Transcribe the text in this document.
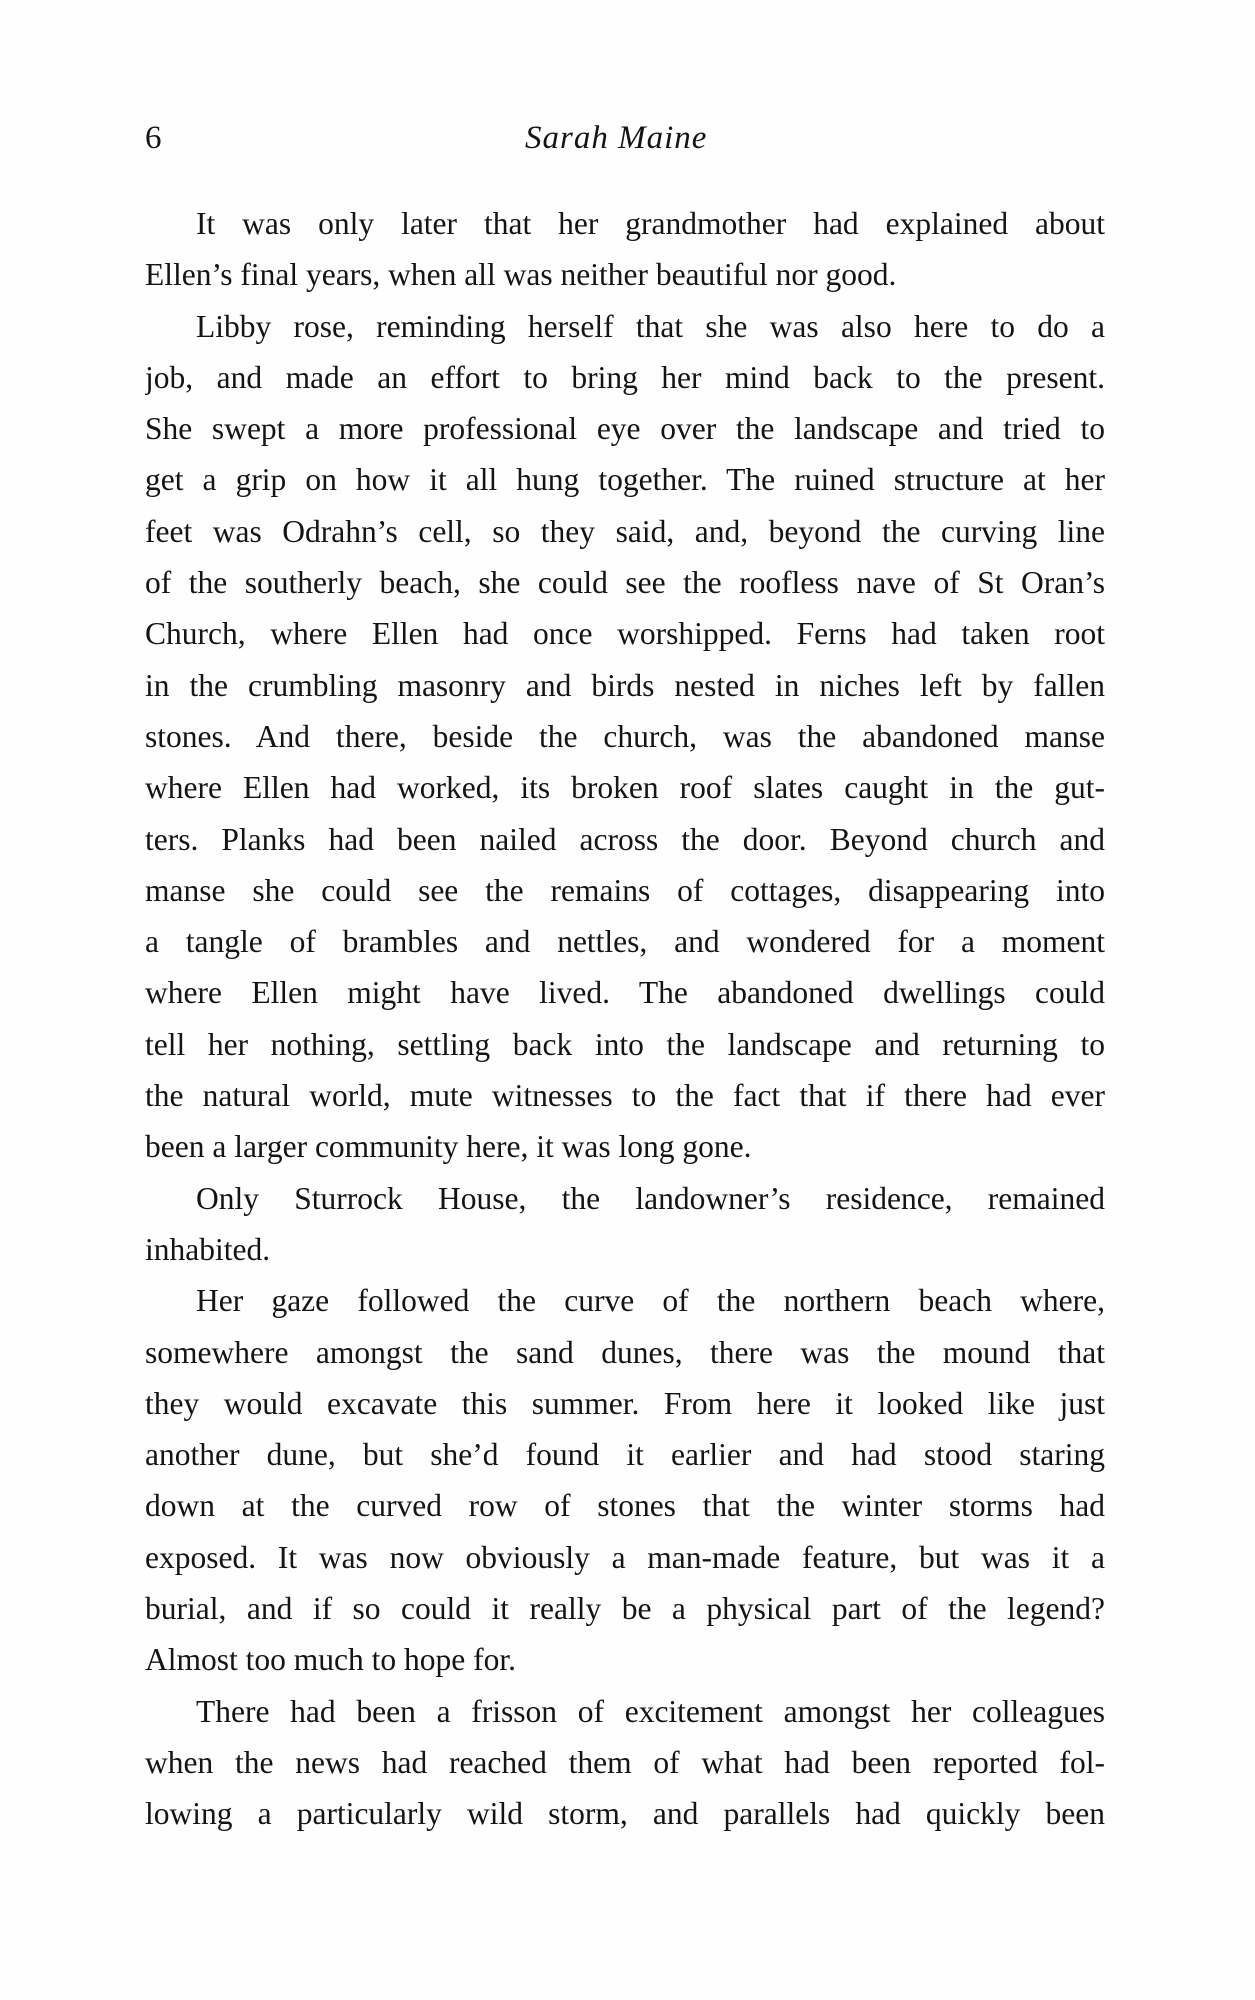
6	Sarah Maine
It was only later that her grandmother had explained about
Ellen’s final years, when all was neither beautiful nor good.
Libby rose, reminding herself that she was also here to do a
job, and made an effort to bring her mind back to the present.
She swept a more professional eye over the landscape and tried to
get a grip on how it all hung together. The ruined structure at her
feet was Odrahn’s cell, so they said, and, beyond the curving line
of the southerly beach, she could see the roofless nave of St Oran’s
Church, where Ellen had once worshipped. Ferns had taken root
in the crumbling masonry and birds nested in niches left by fallen
stones. And there, beside the church, was the abandoned manse
where Ellen had worked, its broken roof slates caught in the gut-
ters. Planks had been nailed across the door. Beyond church and
manse she could see the remains of cottages, disappearing into
a tangle of brambles and nettles, and wondered for a moment
where Ellen might have lived. The abandoned dwellings could
tell her nothing, settling back into the landscape and returning to
the natural world, mute witnesses to the fact that if there had ever
been a larger community here, it was long gone.
Only Sturrock House, the landowner’s residence, remained
inhabited.
Her gaze followed the curve of the northern beach where,
somewhere amongst the sand dunes, there was the mound that
they would excavate this summer. From here it looked like just
another dune, but she’d found it earlier and had stood staring
down at the curved row of stones that the winter storms had
exposed. It was now obviously a man-made feature, but was it a
burial, and if so could it really be a physical part of the legend?
Almost too much to hope for.
There had been a frisson of excitement amongst her colleagues
when the news had reached them of what had been reported fol-
lowing a particularly wild storm, and parallels had quickly been
